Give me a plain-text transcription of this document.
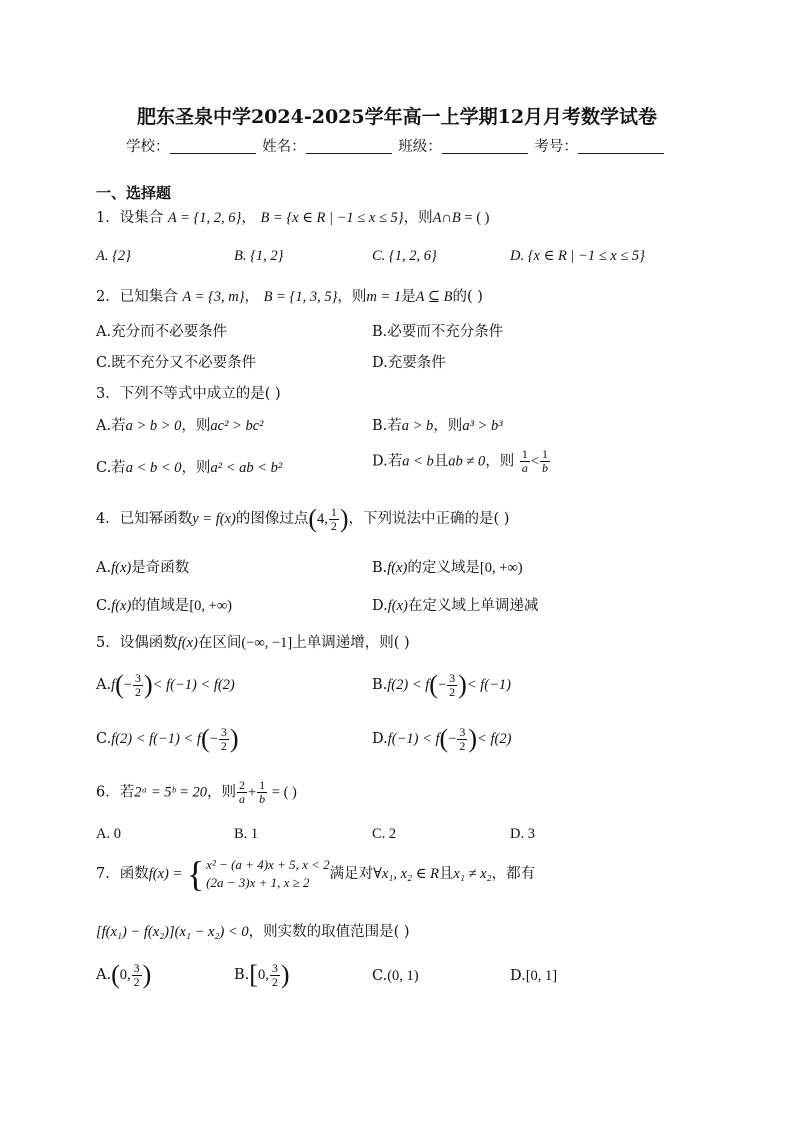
肥东圣泉中学2024-2025学年高一上学期12月月考数学试卷
学校：	姓名：	班级：	考号：
一、选择题
1．设集合 A = {1, 2, 6}， B = {x ∈ R | −1 ≤ x ≤ 5}，则A∩B = ( )
A. {2}	B. {1, 2}	C. {1, 2, 6}	D. {x ∈ R | −1 ≤ x ≤ 5}
2．已知集合 A = {3, m}， B = {1, 3, 5}，则m = 1是A ⊆ B的( )
A.充分而不必要条件	B.必要而不充分条件
C.既不充分又不必要条件	D.充要条件
3．下列不等式中成立的是( )
A.若a > b > 0，则ac² > bc²	B.若a > b，则a³ > b³
C.若a < b < 0，则a² < ab < b²	D.若a < b且ab ≠ 0，则 $\frac{1}{a} < \frac{1}{b}$
4．已知幂函数y = f(x)的图像过点(4, $\frac{1}{2}$ )，下列说法中正确的是( )
A.f(x)是奇函数	B.f(x)的定义域是[0, +∞)
C.f(x)的值域是[0, +∞)	D.f(x)在定义域上单调递减
5．设偶函数f(x)在区间(−∞, −1]上单调递增，则( )
$A.f(- \frac{3}{2}$ )< f(−1) < f(2)	$B.f(2) < f(- \frac{3}{2}$ )< f(−1)
$C.f(2) < f(-1) < f(- \frac{3}{2}$ )	$D.f(-1) < f(- \frac{3}{2}$ )< f(2)
6．若2ᵃ = 5ᵇ = 20，则 $\frac{2}{a} + \frac{1}{b}$ = ( )
A. 0	B. 1	C. 2	D. 3
7．函数f(x) = { x² − (a + 4)x + 5, x < 2
(2a − 3)x + 1, x ≥ 2
满足对∀x₁, x₂ ∈ R且x₁ ≠ x₂，都有
[f(x₁) − f(x₂)](x₁ − x₂) < 0，则实数的取值范围是( )
A.(0, $\frac{3}{2}$ )	B.[0, $\frac{3}{2}$ )	C.(0, 1)	D.[0, 1]
